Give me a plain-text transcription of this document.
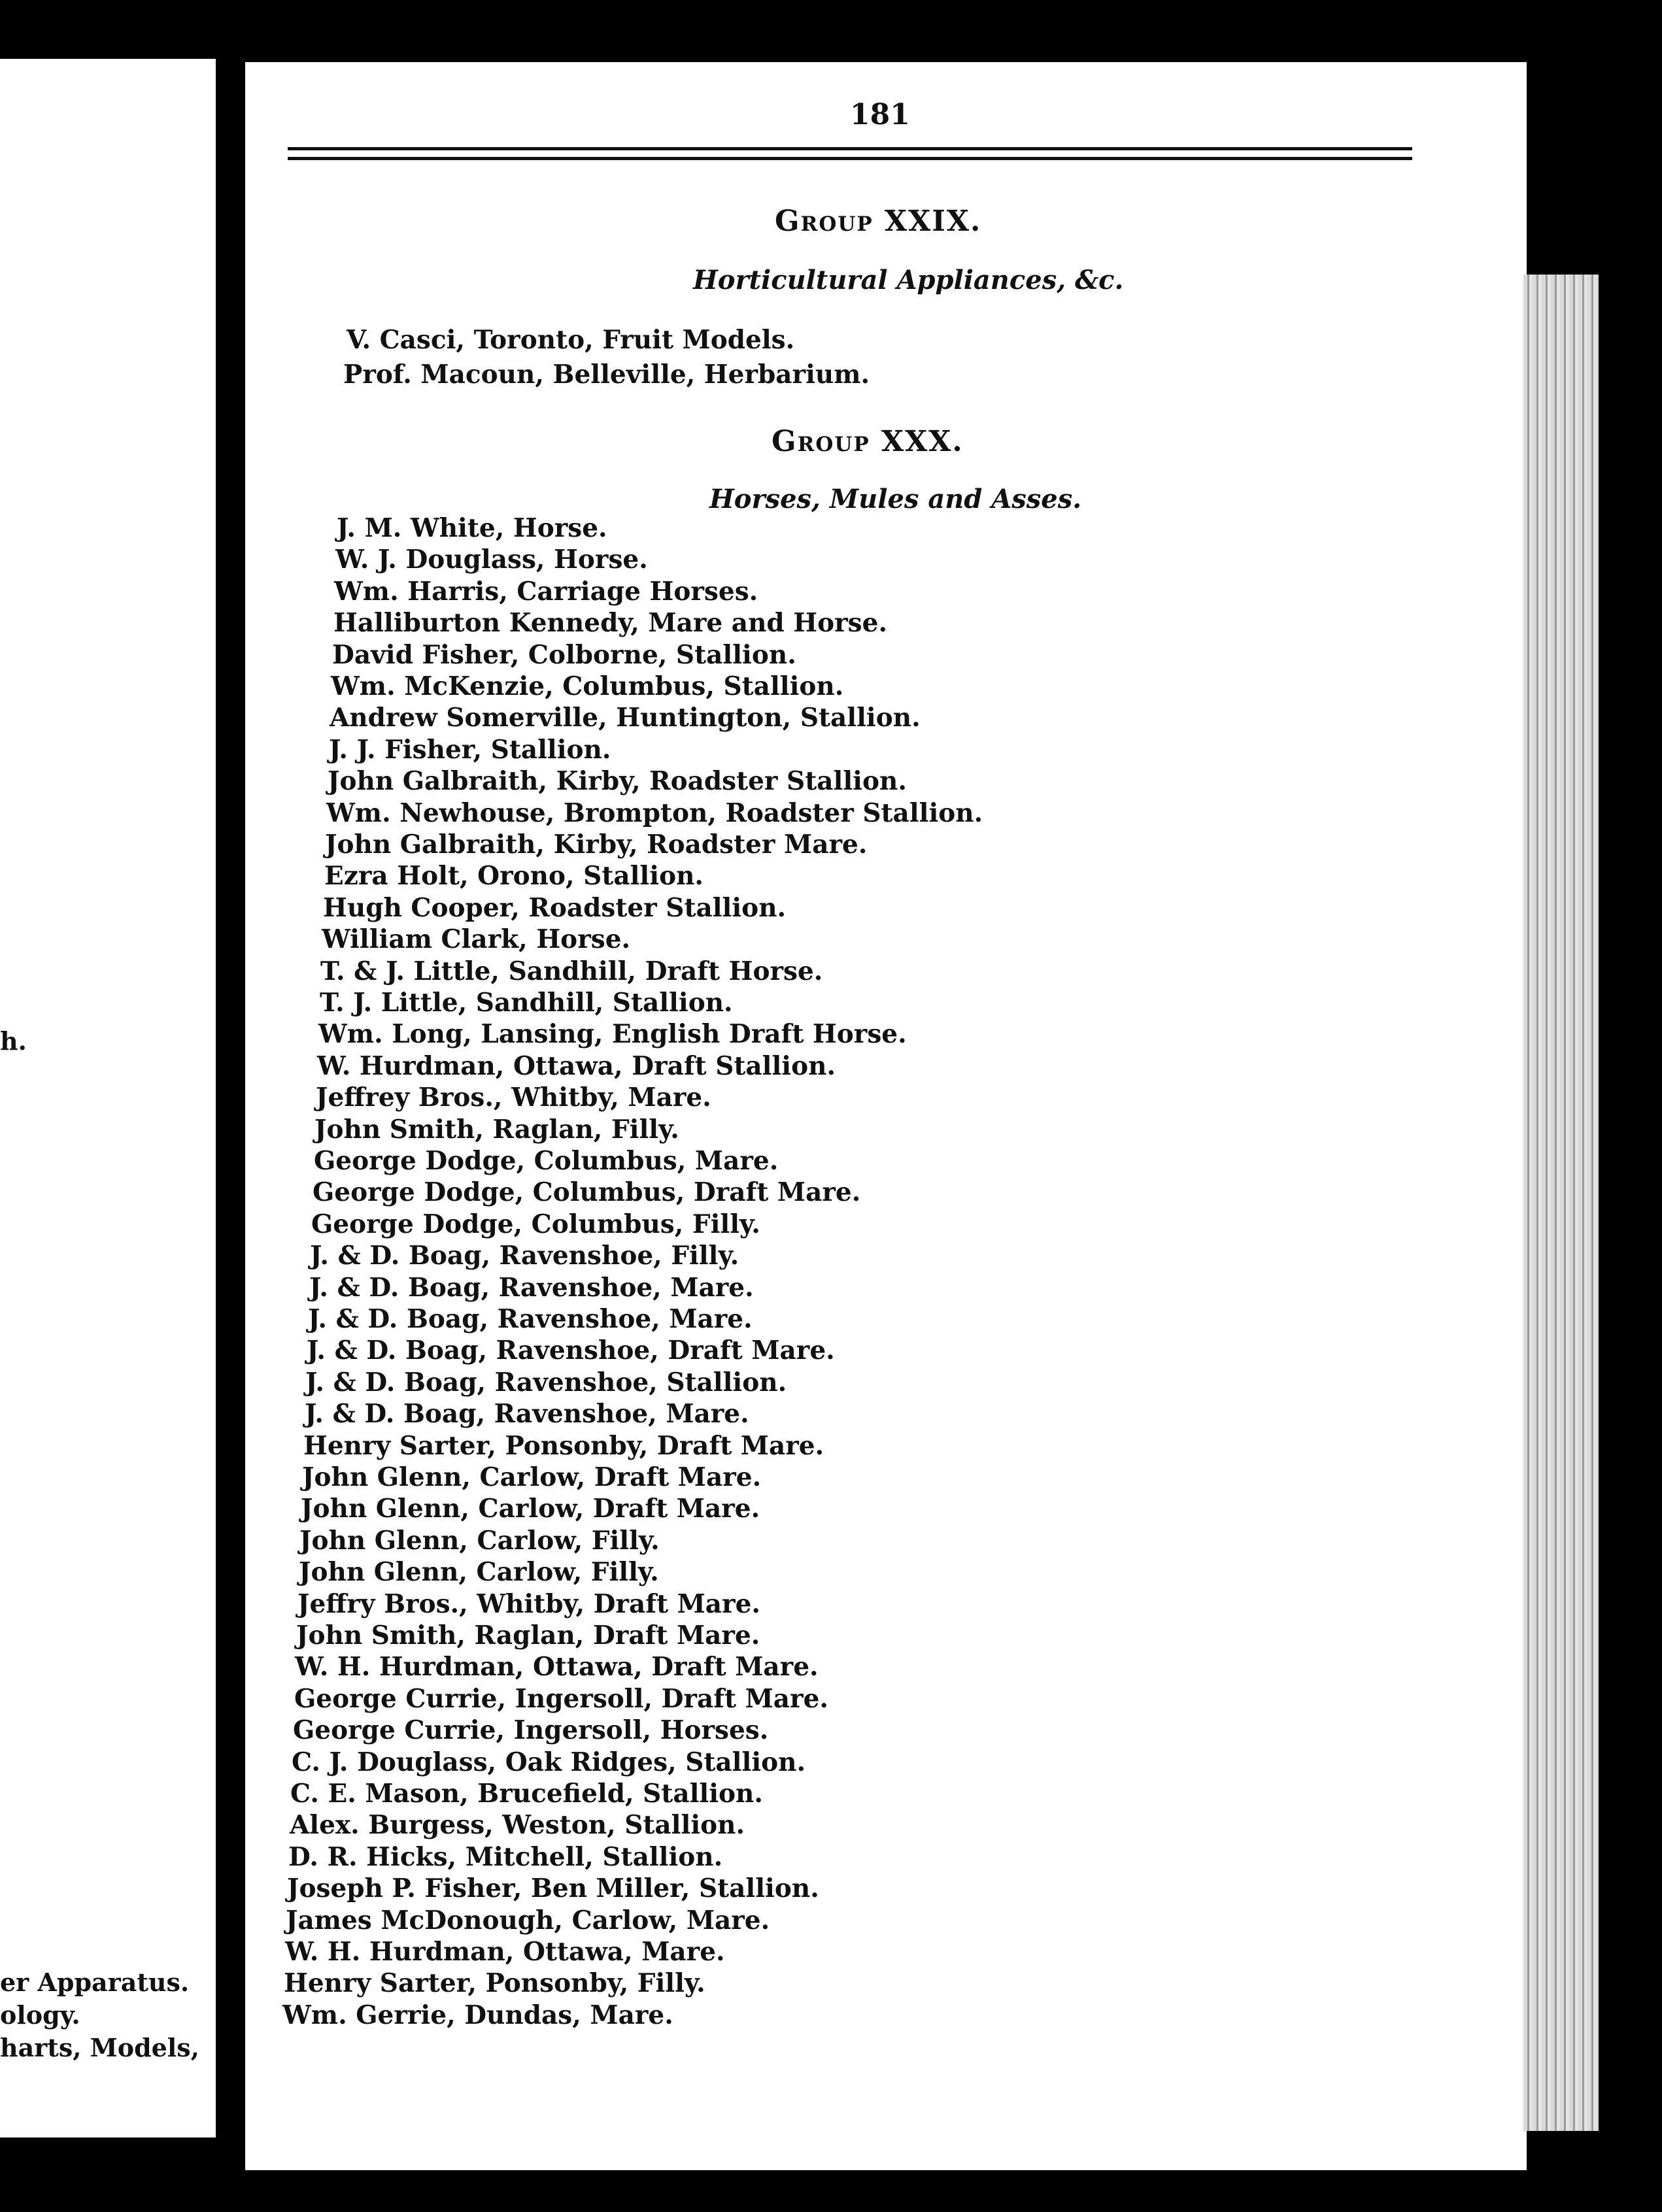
h.
er Apparatus.
ology.
harts, Models,
181
Group XXIX.
Horticultural Appliances, &c.
V. Casci, Toronto, Fruit Models.
Prof. Macoun, Belleville, Herbarium.
Group XXX.
Horses, Mules and Asses.
J. M. White, Horse.
W. J. Douglass, Horse.
Wm. Harris, Carriage Horses.
Halliburton Kennedy, Mare and Horse.
David Fisher, Colborne, Stallion.
Wm. McKenzie, Columbus, Stallion.
Andrew Somerville, Huntington, Stallion.
J. J. Fisher, Stallion.
John Galbraith, Kirby, Roadster Stallion.
Wm. Newhouse, Brompton, Roadster Stallion.
John Galbraith, Kirby, Roadster Mare.
Ezra Holt, Orono, Stallion.
Hugh Cooper, Roadster Stallion.
William Clark, Horse.
T. & J. Little, Sandhill, Draft Horse.
T. J. Little, Sandhill, Stallion.
Wm. Long, Lansing, English Draft Horse.
W. Hurdman, Ottawa, Draft Stallion.
Jeffrey Bros., Whitby, Mare.
John Smith, Raglan, Filly.
George Dodge, Columbus, Mare.
George Dodge, Columbus, Draft Mare.
George Dodge, Columbus, Filly.
J. & D. Boag, Ravenshoe, Filly.
J. & D. Boag, Ravenshoe, Mare.
J. & D. Boag, Ravenshoe, Mare.
J. & D. Boag, Ravenshoe, Draft Mare.
J. & D. Boag, Ravenshoe, Stallion.
J. & D. Boag, Ravenshoe, Mare.
Henry Sarter, Ponsonby, Draft Mare.
John Glenn, Carlow, Draft Mare.
John Glenn, Carlow, Draft Mare.
John Glenn, Carlow, Filly.
John Glenn, Carlow, Filly.
Jeffry Bros., Whitby, Draft Mare.
John Smith, Raglan, Draft Mare.
W. H. Hurdman, Ottawa, Draft Mare.
George Currie, Ingersoll, Draft Mare.
George Currie, Ingersoll, Horses.
C. J. Douglass, Oak Ridges, Stallion.
C. E. Mason, Brucefield, Stallion.
Alex. Burgess, Weston, Stallion.
D. R. Hicks, Mitchell, Stallion.
Joseph P. Fisher, Ben Miller, Stallion.
James McDonough, Carlow, Mare.
W. H. Hurdman, Ottawa, Mare.
Henry Sarter, Ponsonby, Filly.
Wm. Gerrie, Dundas, Mare.
